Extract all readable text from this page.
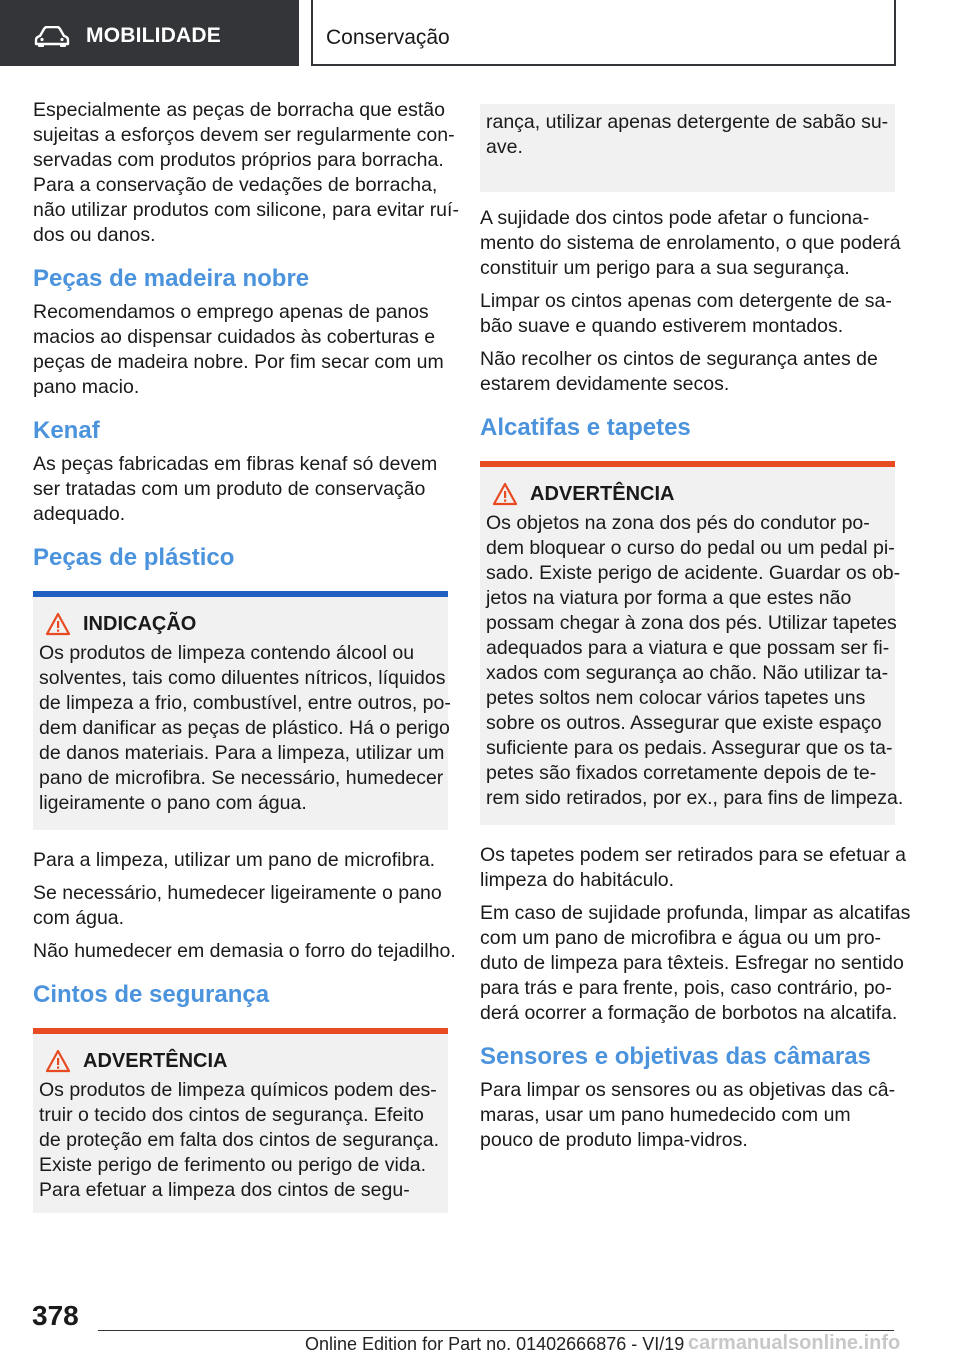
MOBILIDADE	Conservação
Especialmente as peças de borracha que estão
sujeitas a esforços devem ser regularmente con-
servadas com produtos próprios para borracha.
Para a conservação de vedações de borracha,
não utilizar produtos com silicone, para evitar ruí-
dos ou danos.
Peças de madeira nobre
Recomendamos o emprego apenas de panos
macios ao dispensar cuidados às coberturas e
peças de madeira nobre. Por fim secar com um
pano macio.
Kenaf
As peças fabricadas em fibras kenaf só devem
ser tratadas com um produto de conservação
adequado.
Peças de plástico
INDICAÇÃO
Os produtos de limpeza contendo álcool ou
solventes, tais como diluentes nítricos, líquidos
de limpeza a frio, combustível, entre outros, po-
dem danificar as peças de plástico. Há o perigo
de danos materiais. Para a limpeza, utilizar um
pano de microfibra. Se necessário, humedecer
ligeiramente o pano com água.
Para a limpeza, utilizar um pano de microfibra.
Se necessário, humedecer ligeiramente o pano
com água.
Não humedecer em demasia o forro do tejadilho.
Cintos de segurança
ADVERTÊNCIA
Os produtos de limpeza químicos podem des-
truir o tecido dos cintos de segurança. Efeito
de proteção em falta dos cintos de segurança.
Existe perigo de ferimento ou perigo de vida.
Para efetuar a limpeza dos cintos de segu-
rança, utilizar apenas detergente de sabão su-
ave.
A sujidade dos cintos pode afetar o funciona-
mento do sistema de enrolamento, o que poderá
constituir um perigo para a sua segurança.
Limpar os cintos apenas com detergente de sa-
bão suave e quando estiverem montados.
Não recolher os cintos de segurança antes de
estarem devidamente secos.
Alcatifas e tapetes
ADVERTÊNCIA
Os objetos na zona dos pés do condutor po-
dem bloquear o curso do pedal ou um pedal pi-
sado. Existe perigo de acidente. Guardar os ob-
jetos na viatura por forma a que estes não
possam chegar à zona dos pés. Utilizar tapetes
adequados para a viatura e que possam ser fi-
xados com segurança ao chão. Não utilizar ta-
petes soltos nem colocar vários tapetes uns
sobre os outros. Assegurar que existe espaço
suficiente para os pedais. Assegurar que os ta-
petes são fixados corretamente depois de te-
rem sido retirados, por ex., para fins de limpeza.
Os tapetes podem ser retirados para se efetuar a
limpeza do habitáculo.
Em caso de sujidade profunda, limpar as alcatifas
com um pano de microfibra e água ou um pro-
duto de limpeza para têxteis. Esfregar no sentido
para trás e para frente, pois, caso contrário, po-
derá ocorrer a formação de borbotos na alcatifa.
Sensores e objetivas das câmaras
Para limpar os sensores ou as objetivas das câ-
maras, usar um pano humedecido com um
pouco de produto limpa-vidros.
378
Online Edition for Part no. 01402666876 - VI/19 carmanualsonline.info
